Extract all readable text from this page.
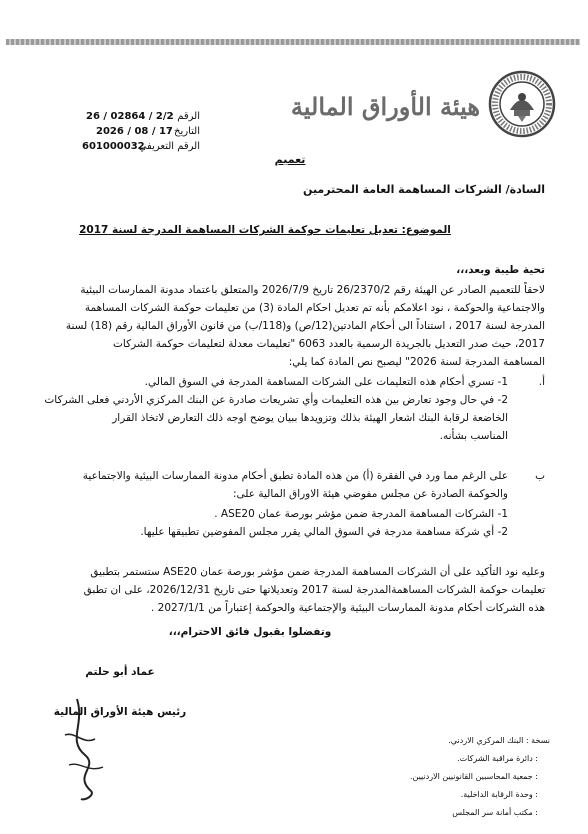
هيئة الأوراق المالية
الرقم :
26 / 02864 / 2/2
التاريخ :
2026 / 08 / 17
الرقم التعريفي :
601000032
تعميم
السادة/ الشركات المساهمة العامة المحترمين
الموضوع: تعديل تعليمات حوكمة الشركات المساهمة المدرجة لسنة 2017
تحية طيبة وبعد،،،
لاحقاً للتعميم الصادر عن الهيئة رقم 26/2370/2 تاريخ 2026/7/9 والمتعلق باعتماد مدونة الممارسات البيئية
والاجتماعية والحوكمة ، نود اعلامكم بأنه تم تعديل احكام المادة (3) من تعليمات حوكمة الشركات المساهمة
المدرجة لسنة 2017 ، استناداً الى أحكام المادتين(12/ص) و(118/ب) من قانون الأوراق المالية رقم (18) لسنة
2017، حيث صدر التعديل بالجريدة الرسمية بالعدد 6063 "تعليمات معدلة لتعليمات حوكمة الشركات
المساهمة المدرجة لسنة 2026" ليصبح نص المادة كما يلي:
أ.
1- تسري أحكام هذه التعليمات على الشركات المساهمة المدرجة في السوق المالي.
2- في حال وجود تعارض بين هذه التعليمات وأي تشريعات صادرة عن البنك المركزي الأردني فعلى الشركات
الخاضعة لرقابة البنك اشعار الهيئة بذلك وتزويدها ببيان يوضح اوجه ذلك التعارض لاتخاذ القرار
المناسب بشأنه.
ب
على الرغم مما ورد في الفقرة (أ) من هذه المادة تطبق أحكام مدونة الممارسات البيئية والاجتماعية
والحوكمة الصادرة عن مجلس مفوضي هيئة الاوراق المالية على:
1- الشركات المساهمة المدرجة ضمن مؤشر بورصة عمان ASE20 .
2- أي شركة مساهمة مدرجة في السوق المالي يقرر مجلس المفوضين تطبيقها عليها.
وعليه نود التأكيد على أن الشركات المساهمة المدرجة ضمن مؤشر بورصة عمان ASE20 ستستمر بتطبيق
تعليمات حوكمة الشركات المساهمةالمدرجة لسنة 2017 وتعديلاتها حتى تاريخ 2026/12/31، على ان تطبق
هذه الشركات أحكام مدونة الممارسات البيئية والإجتماعية والحوكمة إعتباراً من 2027/1/1 .
وتفضلوا بقبول فائق الاحترام،،،
عماد أبو حلتم
رئيس هيئة الأوراق المالية
نسخة : البنك المركزي الاردني.
: دائرة مراقبة الشركات.
: جمعية المحاسبين القانونيين الاردنيين.
: وحدة الرقابة الداخلية.
: مكتب أمانة سر المجلس
